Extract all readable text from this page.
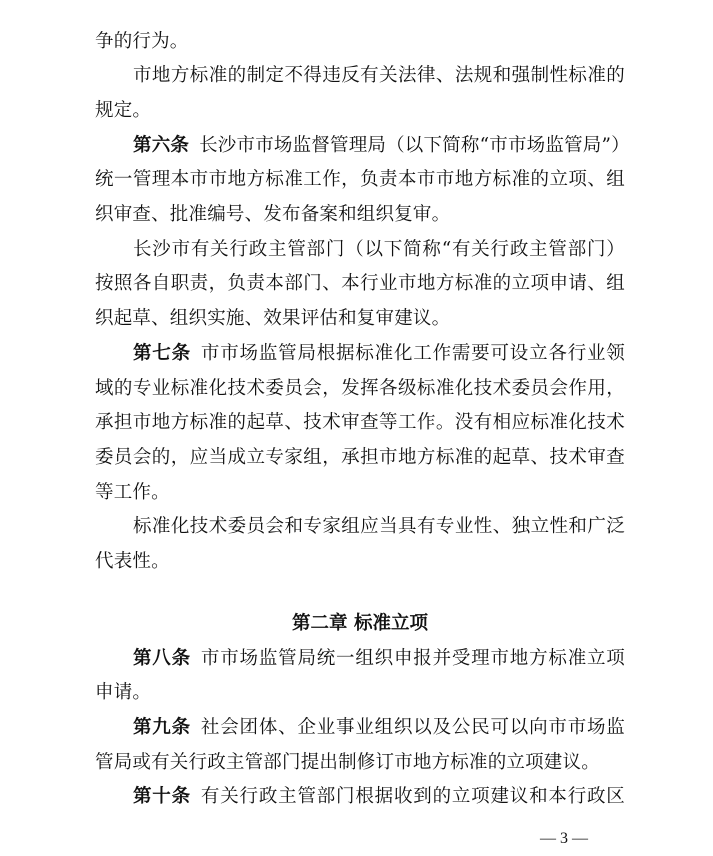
争的行为。
市地方标准的制定不得违反有关法律、法规和强制性标准的
规定。
第六条 长沙市市场监督管理局（以下简称“市市场监管局”）
统一管理本市市地方标准工作，负责本市市地方标准的立项、组
织审查、批准编号、发布备案和组织复审。
长沙市有关行政主管部门（以下简称“有关行政主管部门）
按照各自职责，负责本部门、本行业市地方标准的立项申请、组
织起草、组织实施、效果评估和复审建议。
第七条 市市场监管局根据标准化工作需要可设立各行业领
域的专业标准化技术委员会，发挥各级标准化技术委员会作用，
承担市地方标准的起草、技术审查等工作。没有相应标准化技术
委员会的，应当成立专家组，承担市地方标准的起草、技术审查
等工作。
标准化技术委员会和专家组应当具有专业性、独立性和广泛
代表性。
第二章 标准立项
第八条 市市场监管局统一组织申报并受理市地方标准立项
申请。
第九条 社会团体、企业事业组织以及公民可以向市市场监
管局或有关行政主管部门提出制修订市地方标准的立项建议。
第十条 有关行政主管部门根据收到的立项建议和本行政区
— 3 —
